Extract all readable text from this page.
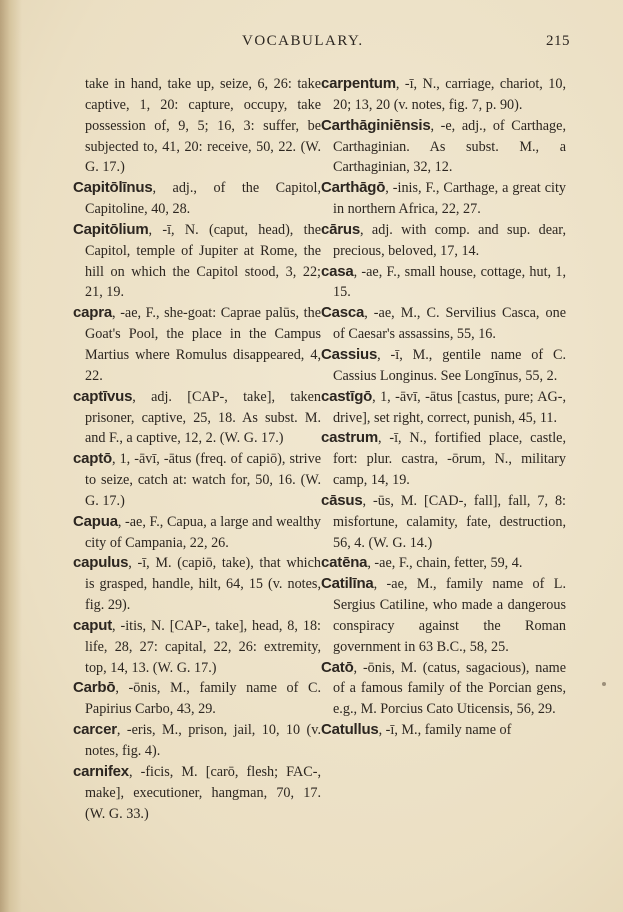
VOCABULARY.	215

take in hand, take up, seize, 6, 26: take captive, 1, 20: capture, occupy, take possession of, 9, 5; 16, 3: suffer, be subjected to, 41, 20: receive, 50, 22. (W. G. 17.)

Capitōlīnus, adj., of the Capitol, Capitoline, 40, 28.

Capitōlium, -ī, N. (caput, head), the Capitol, temple of Jupiter at Rome, the hill on which the Capitol stood, 3, 22; 21, 19.

capra, -ae, F., she-goat: Caprae palūs, the Goat's Pool, the place in the Campus Martius where Romulus disappeared, 4, 22.

captīvus, adj. [CAP-, take], taken prisoner, captive, 25, 18. As subst. M. and F., a captive, 12, 2. (W. G. 17.)

captō, 1, -āvī, -ātus (freq. of capiō), strive to seize, catch at: watch for, 50, 16. (W. G. 17.)

Capua, -ae, F., Capua, a large and wealthy city of Campania, 22, 26.

capulus, -ī, M. (capiō, take), that which is grasped, handle, hilt, 64, 15 (v. notes, fig. 29).

caput, -itis, N. [CAP-, take], head, 8, 18: life, 28, 27: capital, 22, 26: extremity, top, 14, 13. (W. G. 17.)

Carbō, -ōnis, M., family name of C. Papirius Carbo, 43, 29.

carcer, -eris, M., prison, jail, 10, 10 (v. notes, fig. 4).

carnifex, -ficis, M. [carō, flesh; FAC-, make], executioner, hangman, 70, 17. (W. G. 33.)

carpentum, -ī, N., carriage, chariot, 10, 20; 13, 20 (v. notes, fig. 7, p. 90).

Carthāginiēnsis, -e, adj., of Carthage, Carthaginian. As subst. M., a Carthaginian, 32, 12.

Carthāgō, -inis, F., Carthage, a great city in northern Africa, 22, 27.

cārus, adj. with comp. and sup. dear, precious, beloved, 17, 14.

casa, -ae, F., small house, cottage, hut, 1, 15.

Casca, -ae, M., C. Servilius Casca, one of Caesar's assassins, 55, 16.

Cassius, -ī, M., gentile name of C. Cassius Longinus. See Longīnus, 55, 2.

castīgō, 1, -āvī, -ātus [castus, pure; AG-, drive], set right, correct, punish, 45, 11.

castrum, -ī, N., fortified place, castle, fort: plur. castra, -ōrum, N., military camp, 14, 19.

cāsus, -ūs, M. [CAD-, fall], fall, 7, 8: misfortune, calamity, fate, destruction, 56, 4. (W. G. 14.)

catēna, -ae, F., chain, fetter, 59, 4.

Catilīna, -ae, M., family name of L. Sergius Catiline, who made a dangerous conspiracy against the Roman government in 63 B.C., 58, 25.

Catō, -ōnis, M. (catus, sagacious), name of a famous family of the Porcian gens, e.g., M. Porcius Cato Uticensis, 56, 29.

Catullus, -ī, M., family name of
